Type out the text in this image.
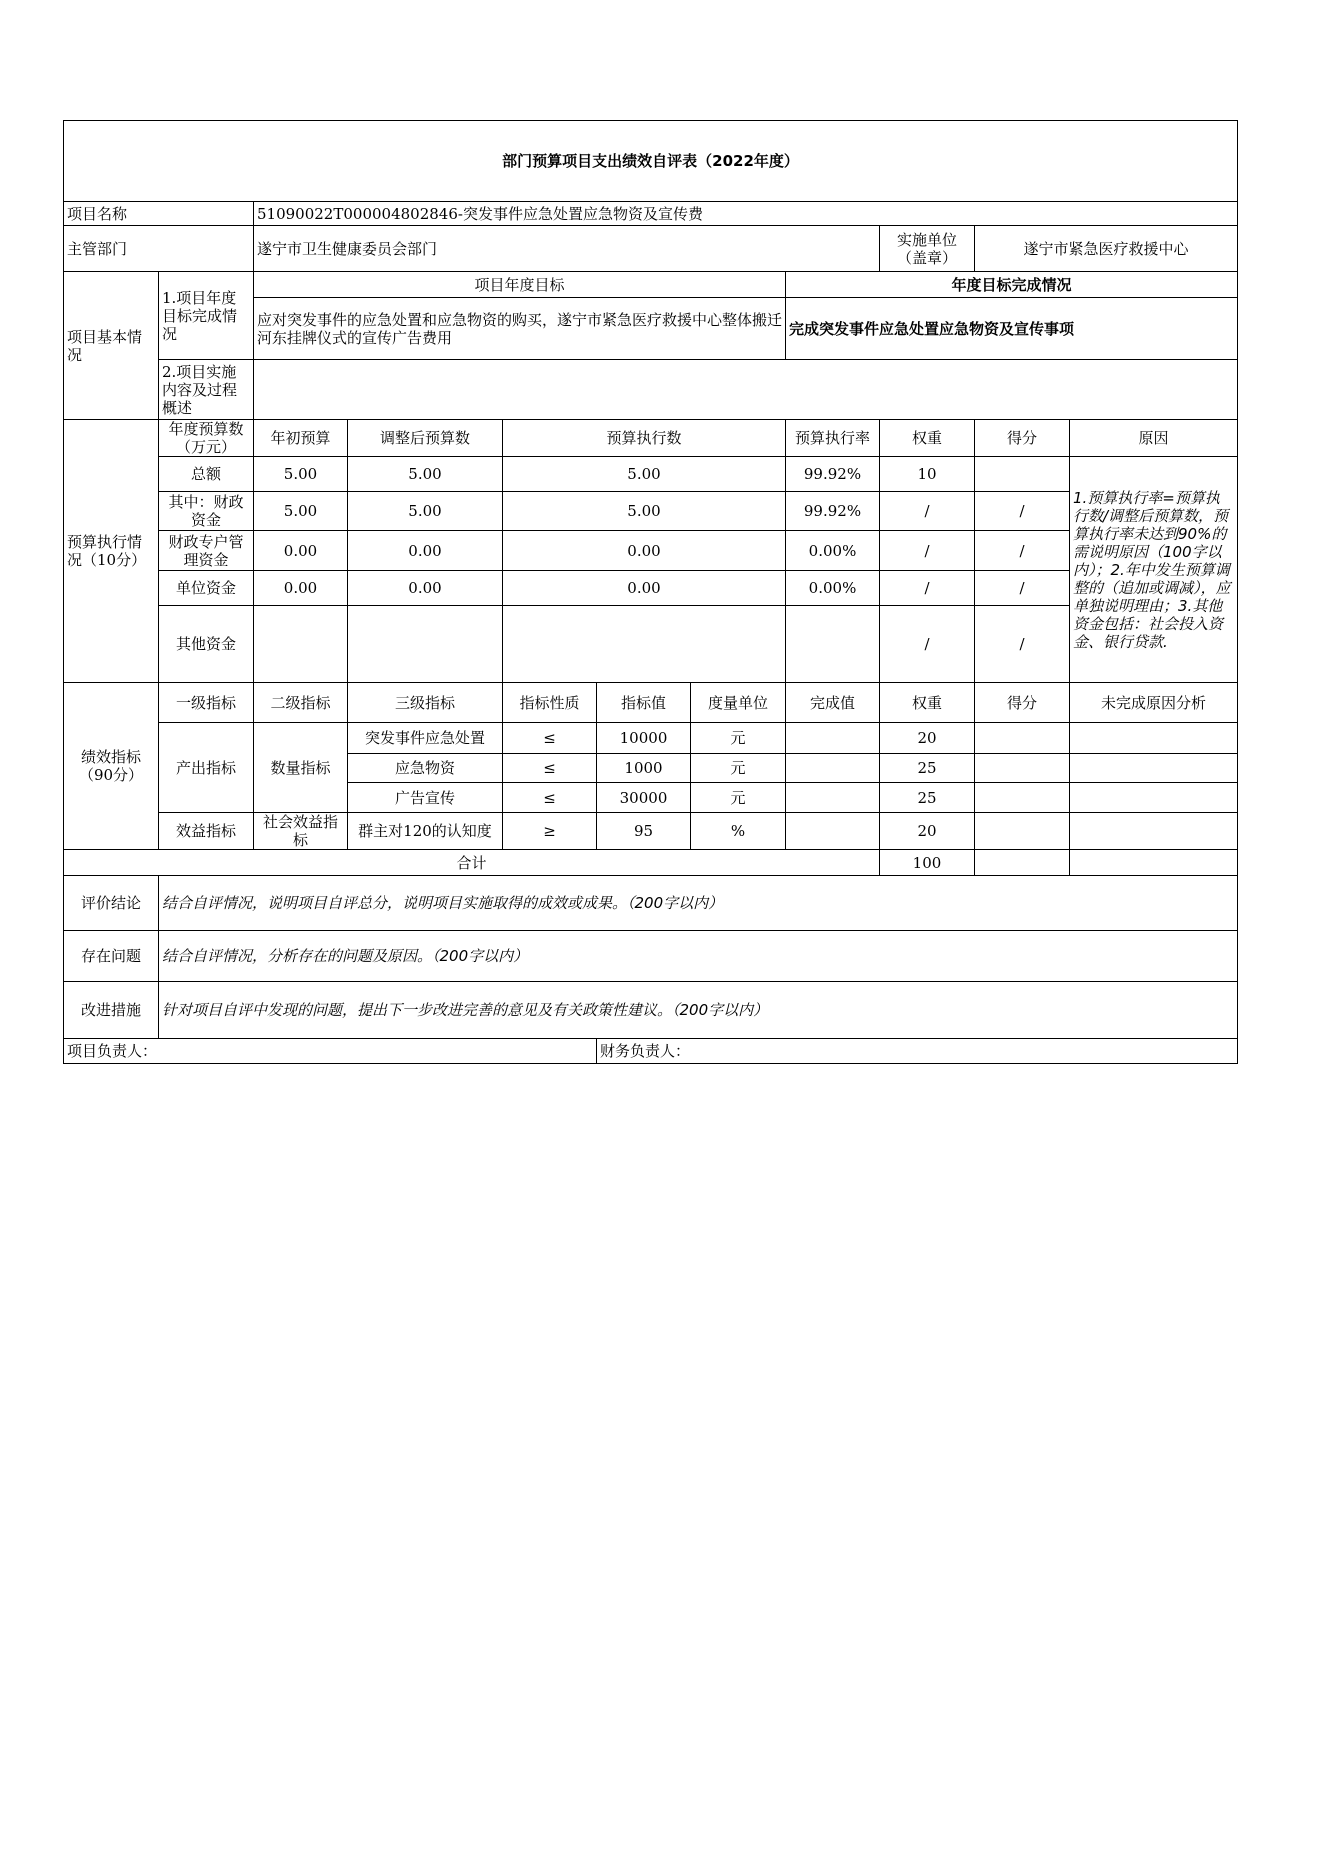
部门预算项目支出绩效自评表（2022年度）										
项目名称		51090022T000004802846-突发事件应急处置应急物资及宣传费								
主管部门		遂宁市卫生健康委员会部门						实施单位（盖章）	遂宁市紧急医疗救援中心	
项目基本情况	1.项目年度目标完成情况	项目年度目标					年度目标完成情况			
		应对突发事件的应急处置和应急物资的购买，遂宁市紧急医疗救援中心整体搬迁河东挂牌仪式的宣传广告费用					完成突发事件应急处置应急物资及宣传事项			
	2.项目实施内容及过程概述									

预算执行情况（10分）	年度预算数（万元）	年初预算	调整后预算数	预算执行数			预算执行率	权重	得分	原因
	总额	5.00	5.00	5.00			99.92%	10		1.预算执行率=预算执行数/调整后预算数，预算执行率未达到90%的需说明原因（100字以内）；2.年中发生预算调整的（追加或调减），应单独说明理由；3.其他资金包括：社会投入资金、银行贷款.
	其中：财政资金	5.00	5.00	5.00			99.92%	/	/	
	财政专户管理资金	0.00	0.00	0.00			0.00%	/	/	
	单位资金	0.00	0.00	0.00			0.00%	/	/	
	其他资金							/	/	
绩效指标（90分）	一级指标	二级指标	三级指标	指标性质	指标值	度量单位	完成值	权重	得分	未完成原因分析
	产出指标	数量指标	突发事件应急处置	≤	10000	元		20		
			应急物资	≤	1000	元		25		
			广告宣传	≤	30000	元		25		
	效益指标	社会效益指标	群主对120的认知度	≥	95	%		20		
合计								100		
评价结论	结合自评情况，说明项目自评总分，说明项目实施取得的成效或成果。（200字以内）									
存在问题	结合自评情况，分析存在的问题及原因。（200字以内）									
改进措施	针对项目自评中发现的问题，提出下一步改进完善的意见及有关政策性建议。（200字以内）									
项目负责人：					财务负责人：					
